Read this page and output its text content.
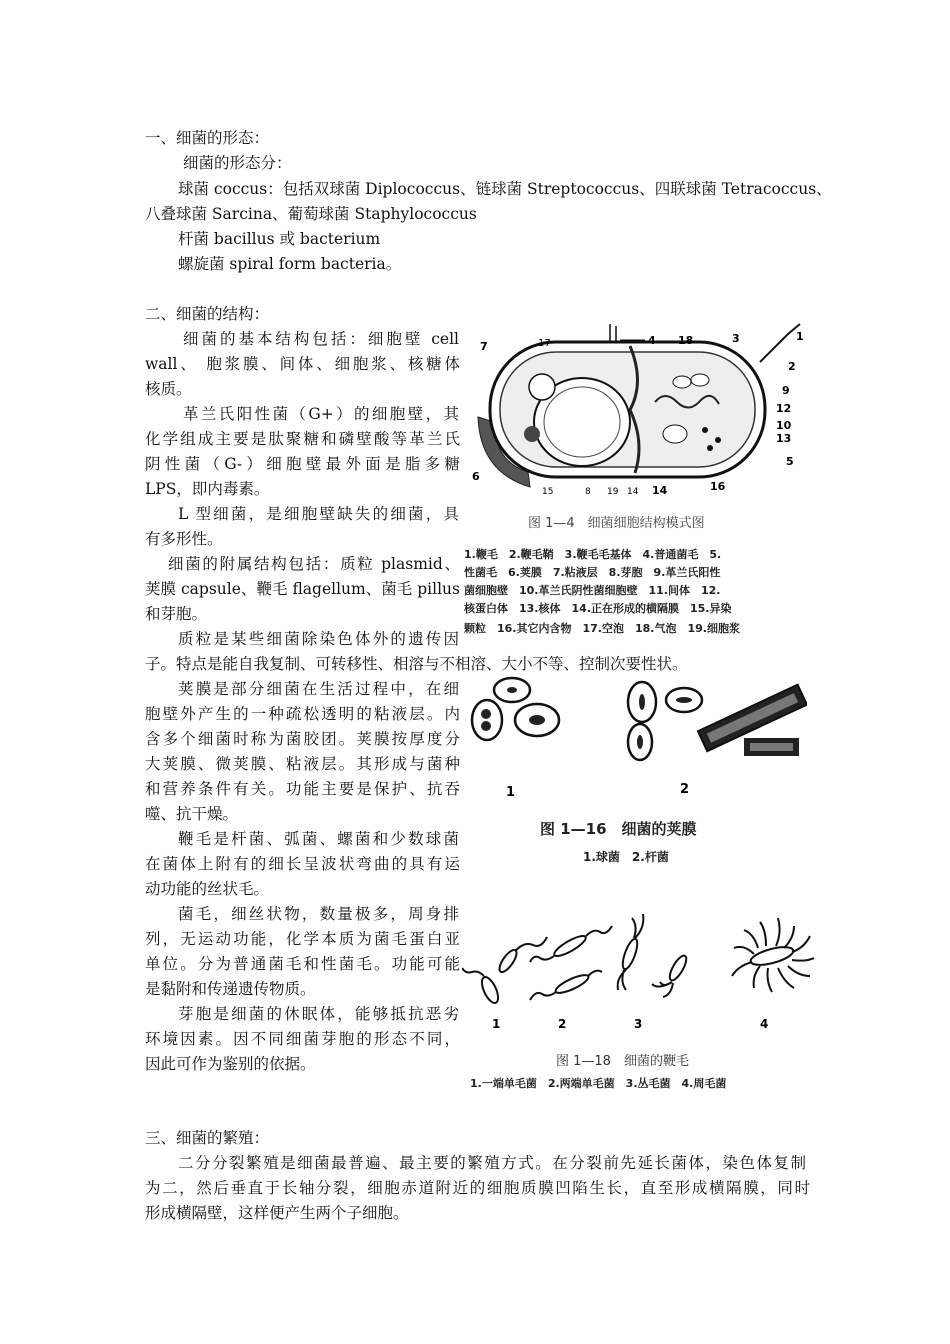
一、细菌的形态：
细菌的形态分：
球菌 coccus：包括双球菌 Diplococcus、链球菌 Streptococcus、四联球菌 Tetracoccus、
八叠球菌 Sarcina、葡萄球菌 Staphylococcus
杆菌 bacillus 或 bacterium
螺旋菌 spiral form bacteria。
二、细菌的结构：
细菌的基本结构包括：细胞壁 cell
wall、 胞浆膜、间体、细胞浆、核糖体
核质。
革兰氏阳性菌（G+）的细胞壁，其
化学组成主要是肽聚糖和磷壁酸等革兰氏
阴性菌（G-）细胞壁最外面是脂多糖
LPS，即内毒素。
L 型细菌，是细胞壁缺失的细菌，具
有多形性。
细菌的附属结构包括：质粒 plasmid、
荚膜 capsule、鞭毛 flagellum、菌毛 pillus
和芽胞。
质粒是某些细菌除染色体外的遗传因
子。特点是能自我复制、可转移性、相溶与不相溶、大小不等、控制次要性状。
荚膜是部分细菌在生活过程中，在细
胞壁外产生的一种疏松透明的粘液层。内
含多个细菌时称为菌胶团。荚膜按厚度分
大荚膜、微荚膜、粘液层。其形成与菌种
和营养条件有关。功能主要是保护、抗吞
噬、抗干燥。
鞭毛是杆菌、弧菌、螺菌和少数球菌
在菌体上附有的细长呈波状弯曲的具有运
动功能的丝状毛。
菌毛，细丝状物，数量极多，周身排
列，无运动功能，化学本质为菌毛蛋白亚
单位。分为普通菌毛和性菌毛。功能可能
是黏附和传递遗传物质。
芽胞是细菌的休眠体，能够抵抗恶劣
环境因素。因不同细菌芽胞的形态不同，
因此可作为鉴别的依据。
三、细菌的繁殖：
二分分裂繁殖是细菌最普遍、最主要的繁殖方式。在分裂前先延长菌体，染色体复制
为二，然后垂直于长轴分裂，细胞赤道附近的细胞质膜凹陷生长，直至形成横隔膜，同时
形成横隔壁，这样便产生两个子细胞。
1
2
3
4
5
6
7
8
9
10
12
13
14 14
15	16
17	18
19
图 1—4　细菌细胞结构模式图
1.鞭毛　2.鞭毛鞘　3.鞭毛毛基体　4.普通菌毛　5.
性菌毛　6.荚膜　7.粘液层　8.芽胞　9.革兰氏阳性
菌细胞壁　10.革兰氏阴性菌细胞壁　11.间体　12.
核蛋白体　13.核体　14.正在形成的横隔膜　15.异染
颗粒　16.其它内含物　17.空泡　18.气泡　19.细胞浆
1	2
图 1—16　细菌的荚膜
1.球菌　2.杆菌
1	2	3	4
图 1—18　细菌的鞭毛
1.一端单毛菌　2.两端单毛菌　3.丛毛菌　4.周毛菌
